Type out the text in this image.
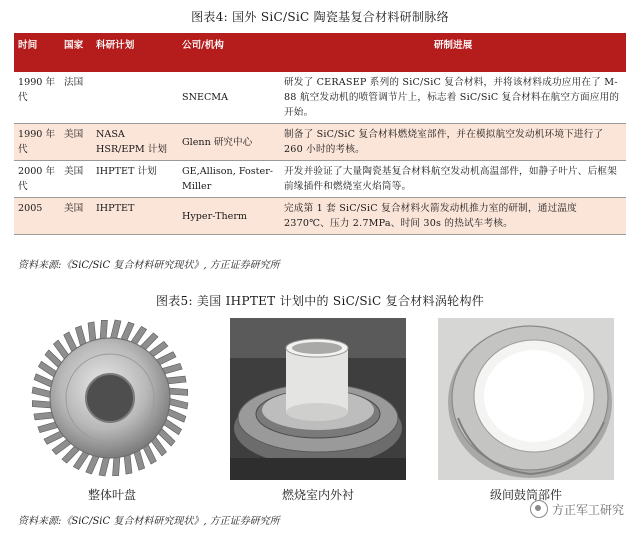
图表4: 国外 SiC/SiC 陶瓷基复合材料研制脉络
时间	国家	科研计划	公司/机构	研制进展
1990 年代	法国		SNECMA	研发了 CERASEP 系列的 SiC/SiC 复合材料，并将该材料成功应用在了 M-88 航空发动机的喷管调节片上，标志着 SiC/SiC 复合材料在航空方面应用的开始。
1990 年代	美国	NASA HSR/EPM 计划	Glenn 研究中心	制备了 SiC/SiC 复合材料燃烧室部件，并在模拟航空发动机环境下进行了 260 小时的考核。
2000 年代	美国	IHPTET 计划	GE,Allison, Foster-Miller	开发并验证了大量陶瓷基复合材料航空发动机高温部件，如静子叶片、后框架前缘插件和燃烧室火焰筒等。
2005	美国	IHPTET	Hyper-Therm	完成第 1 套 SiC/SiC 复合材料火箭发动机推力室的研制，通过温度 2370℃、压力 2.7MPa、时间 30s 的热试车考核。
资料来源:《SiC/SiC 复合材料研究现状》, 方正证券研究所
图表5: 美国 IHPTET 计划中的 SiC/SiC 复合材料涡轮构件
整体叶盘	燃烧室内外衬	级间鼓筒部件
资料来源:《SiC/SiC 复合材料研究现状》, 方正证券研究所
方正军工研究
